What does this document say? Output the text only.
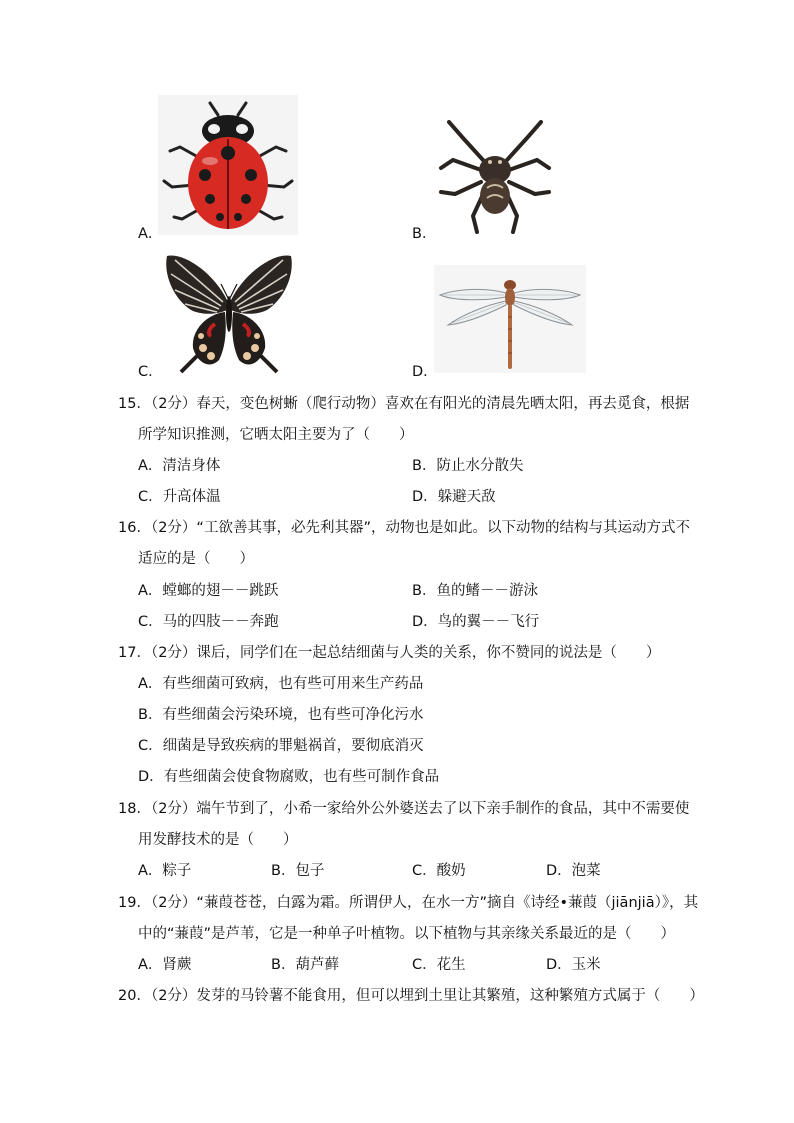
A．	B．
C．	D．
15．（2分）春天，变色树蜥（爬行动物）喜欢在有阳光的清晨先晒太阳，再去觅食，根据
所学知识推测，它晒太阳主要为了（　　）
A．清洁身体	B．防止水分散失
C．升高体温	D．躲避天敌
16．（2分）“工欲善其事，必先利其器”，动物也是如此。以下动物的结构与其运动方式不
适应的是（　　）
A．螳螂的翅－－跳跃	B．鱼的鳍－－游泳
C．马的四肢－－奔跑	D．鸟的翼－－飞行
17．（2分）课后，同学们在一起总结细菌与人类的关系，你不赞同的说法是（　　）
A．有些细菌可致病，也有些可用来生产药品
B．有些细菌会污染环境，也有些可净化污水
C．细菌是导致疾病的罪魁祸首，要彻底消灭
D．有些细菌会使食物腐败，也有些可制作食品
18．（2分）端午节到了，小希一家给外公外婆送去了以下亲手制作的食品，其中不需要使
用发酵技术的是（　　）
A．粽子	B．包子	C．酸奶	D．泡菜
19．（2分）“蒹葭苍苍，白露为霜。所谓伊人，在水一方”摘自《诗经•蒹葭（jiānjiā）》，其
中的“蒹葭”是芦苇，它是一种单子叶植物。以下植物与其亲缘关系最近的是（　　）
A．肾蕨	B．葫芦藓	C．花生	D．玉米
20．（2分）发芽的马铃薯不能食用，但可以埋到土里让其繁殖，这种繁殖方式属于（　　）
